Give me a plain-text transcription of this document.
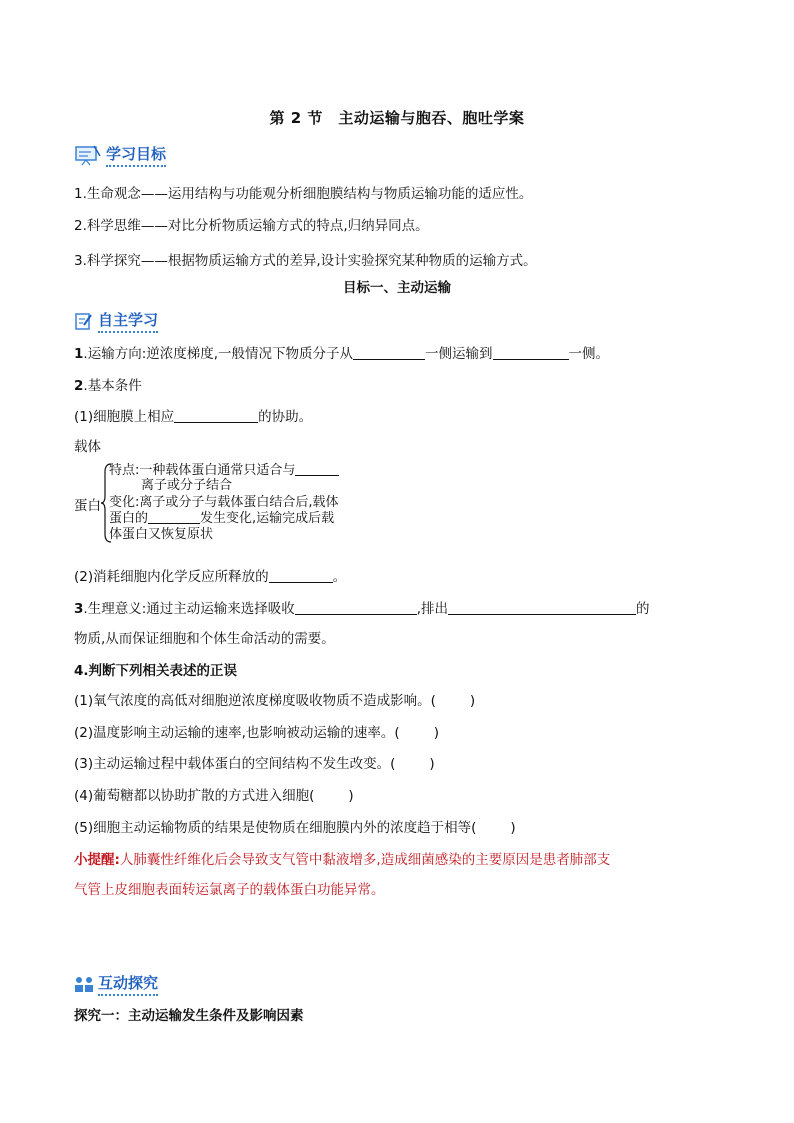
第 2 节　主动运输与胞吞、胞吐学案
学习目标
1.生命观念——运用结构与功能观分析细胞膜结构与物质运输功能的适应性。
2.科学思维——对比分析物质运输方式的特点,归纳异同点。
3.科学探究——根据物质运输方式的差异,设计实验探究某种物质的运输方式。
目标一、主动运输
自主学习
1.运输方向:逆浓度梯度,一般情况下物质分子从	一侧运输到	一侧。
2.基本条件
(1)细胞膜上相应	的协助。
载体
蛋白
特点:一种载体蛋白通常只适合与
离子或分子结合
变化:离子或分子与载体蛋白结合后,载体
蛋白的	发生变化,运输完成后载
体蛋白又恢复原状
(2)消耗细胞内化学反应所释放的	。
3.生理意义:通过主动运输来选择吸收	,排出	的
物质,从而保证细胞和个体生命活动的需要。
4.判断下列相关表述的正误
(1)氧气浓度的高低对细胞逆浓度梯度吸收物质不造成影响。(	)
(2)温度影响主动运输的速率,也影响被动运输的速率。(	)
(3)主动运输过程中载体蛋白的空间结构不发生改变。(	)
(4)葡萄糖都以协助扩散的方式进入细胞(	)
(5)细胞主动运输物质的结果是使物质在细胞膜内外的浓度趋于相等(	)
小提醒:人肺囊性纤维化后会导致支气管中黏液增多,造成细菌感染的主要原因是患者肺部支
气管上皮细胞表面转运氯离子的载体蛋白功能异常。
互动探究
探究一：主动运输发生条件及影响因素
